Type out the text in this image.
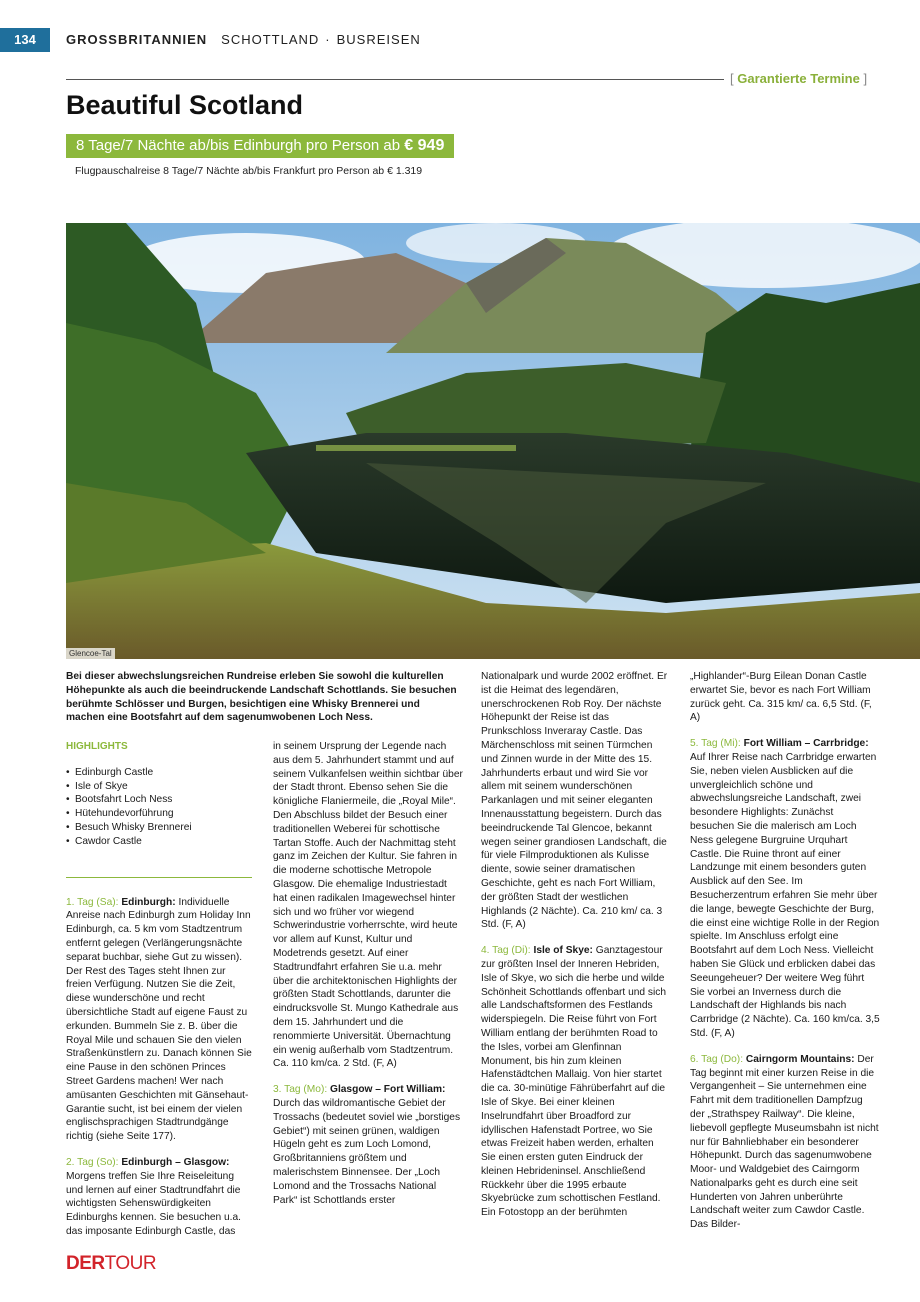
134	GROSSBRITANNIEN SCHOTTLAND · BUSREISEN
[ Garantierte Termine ]
Beautiful Scotland
8 Tage/7 Nächte ab/bis Edinburgh pro Person ab € 949
Flugpauschalreise 8 Tage/7 Nächte ab/bis Frankfurt pro Person ab € 1.319
Glencoe-Tal
Bei dieser abwechslungsreichen Rundreise erleben Sie sowohl die kulturellen Höhepunkte als auch die beeindruckende Landschaft Schottlands. Sie besuchen berühmte Schlösser und Burgen, besichtigen eine Whisky Brennerei und machen eine Bootsfahrt auf dem sagenumwobenen Loch Ness.

HIGHLIGHTS

• Edinburgh Castle
• Isle of Skye
• Bootsfahrt Loch Ness
• Hütehundevorführung
• Besuch Whisky Brennerei
• Cawdor Castle

1. Tag (Sa): Edinburgh: Individuelle Anreise nach Edinburgh zum Holiday Inn Edinburgh, ca. 5 km vom Stadtzentrum entfernt gelegen (Verlängerungsnächte separat buchbar, siehe Gut zu wissen). Der Rest des Tages steht Ihnen zur freien Verfügung. Nutzen Sie die Zeit, diese wunderschöne und recht übersichtliche Stadt auf eigene Faust zu erkunden. Bummeln Sie z. B. über die Royal Mile und schauen Sie den vielen Straßenkünstlern zu. Danach können Sie eine Pause in den schönen Princes Street Gardens machen! Wer nach amüsanten Geschichten mit Gänsehaut-Garantie sucht, ist bei einem der vielen englischsprachigen Stadtrundgänge richtig (siehe Seite 177).

2. Tag (So): Edinburgh – Glasgow: Morgens treffen Sie Ihre Reiseleitung und lernen auf einer Stadtrundfahrt die wichtigsten Sehenswürdigkeiten Edinburghs kennen. Sie besuchen u.a. das imposante Edinburgh Castle, das

in seinem Ursprung der Legende nach aus dem 5. Jahrhundert stammt und auf seinem Vulkanfelsen weithin sichtbar über der Stadt thront. Ebenso sehen Sie die königliche Flaniermeile, die „Royal Mile“. Den Abschluss bildet der Besuch einer traditionellen Weberei für schottische Tartan Stoffe. Auch der Nachmittag steht ganz im Zeichen der Kultur. Sie fahren in die moderne schottische Metropole Glasgow. Die ehemalige Industriestadt hat einen radikalen Imagewechsel hinter sich und wo früher vor wiegend Schwerindustrie vorherrschte, wird heute vor allem auf Kunst, Kultur und Modetrends gesetzt. Auf einer Stadtrundfahrt erfahren Sie u.a. mehr über die architektonischen Highlights der größten Stadt Schottlands, darunter die eindrucksvolle St. Mungo Kathedrale aus dem 15. Jahrhundert und die renommierte Universität. Übernachtung ein wenig außerhalb vom Stadtzentrum. Ca. 110 km/ca. 2 Std. (F, A)

3. Tag (Mo): Glasgow – Fort William: Durch das wildromantische Gebiet der Trossachs (bedeutet soviel wie „borstiges Gebiet“) mit seinen grünen, waldigen Hügeln geht es zum Loch Lomond, Großbritanniens größtem und malerischstem Binnensee. Der „Loch Lomond and the Trossachs National Park“ ist Schottlands erster

Nationalpark und wurde 2002 eröffnet. Er ist die Heimat des legendären, unerschrockenen Rob Roy. Der nächste Höhepunkt der Reise ist das Prunkschloss Inveraray Castle. Das Märchenschloss mit seinen Türmchen und Zinnen wurde in der Mitte des 15. Jahrhunderts erbaut und wird Sie vor allem mit seinem wunderschönen Parkanlagen und mit seiner eleganten Innenausstattung begeistern. Durch das beeindruckende Tal Glencoe, bekannt wegen seiner grandiosen Landschaft, die für viele Filmproduktionen als Kulisse diente, sowie seiner dramatischen Geschichte, geht es nach Fort William, der größten Stadt der westlichen Highlands (2 Nächte). Ca. 210 km/ ca. 3 Std. (F, A)

4. Tag (Di): Isle of Skye: Ganztagestour zur größten Insel der Inneren Hebriden, Isle of Skye, wo sich die herbe und wilde Schönheit Schottlands offenbart und sich alle Landschaftsformen des Festlands widerspiegeln. Die Reise führt von Fort William entlang der berühmten Road to the Isles, vorbei am Glenfinnan Monument, bis hin zum kleinen Hafenstädtchen Mallaig. Von hier startet die ca. 30-minütige Fährüberfahrt auf die Isle of Skye. Bei einer kleinen Inselrundfahrt über Broadford zur idyllischen Hafenstadt Portree, wo Sie etwas Freizeit haben werden, erhalten Sie einen ersten guten Eindruck der kleinen Hebrideninsel. Anschließend Rückkehr über die 1995 erbaute Skyebrücke zum schottischen Festland. Ein Fotostopp an der berühmten

„Highlander“-Burg Eilean Donan Castle erwartet Sie, bevor es nach Fort William zurück geht. Ca. 315 km/ ca. 6,5 Std. (F, A)

5. Tag (Mi): Fort William – Carrbridge: Auf Ihrer Reise nach Carrbridge erwarten Sie, neben vielen Ausblicken auf die unvergleichlich schöne und abwechslungsreiche Landschaft, zwei besondere Highlights: Zunächst besuchen Sie die malerisch am Loch Ness gelegene Burgruine Urquhart Castle. Die Ruine thront auf einer Landzunge mit einem besonders guten Ausblick auf den See. Im Besucherzentrum erfahren Sie mehr über die lange, bewegte Geschichte der Burg, die einst eine wichtige Rolle in der Region spielte. Im Anschluss erfolgt eine Bootsfahrt auf dem Loch Ness. Vielleicht haben Sie Glück und erblicken dabei das Seeungeheuer? Der weitere Weg führt Sie vorbei an Inverness durch die Landschaft der Highlands bis nach Carrbridge (2 Nächte). Ca. 160 km/ca. 3,5 Std. (F, A)

6. Tag (Do): Cairngorm Mountains: Der Tag beginnt mit einer kurzen Reise in die Vergangenheit – Sie unternehmen eine Fahrt mit dem traditionellen Dampfzug der „Strathspey Railway“. Die kleine, liebevoll gepflegte Museumsbahn ist nicht nur für Bahnliebhaber ein besonderer Höhepunkt. Durch das sagenumwobene Moor- und Waldgebiet des Cairngorm Nationalparks geht es durch eine seit Hunderten von Jahren unberührte Landschaft weiter zum Cawdor Castle. Das Bilder-

DERTOUR
